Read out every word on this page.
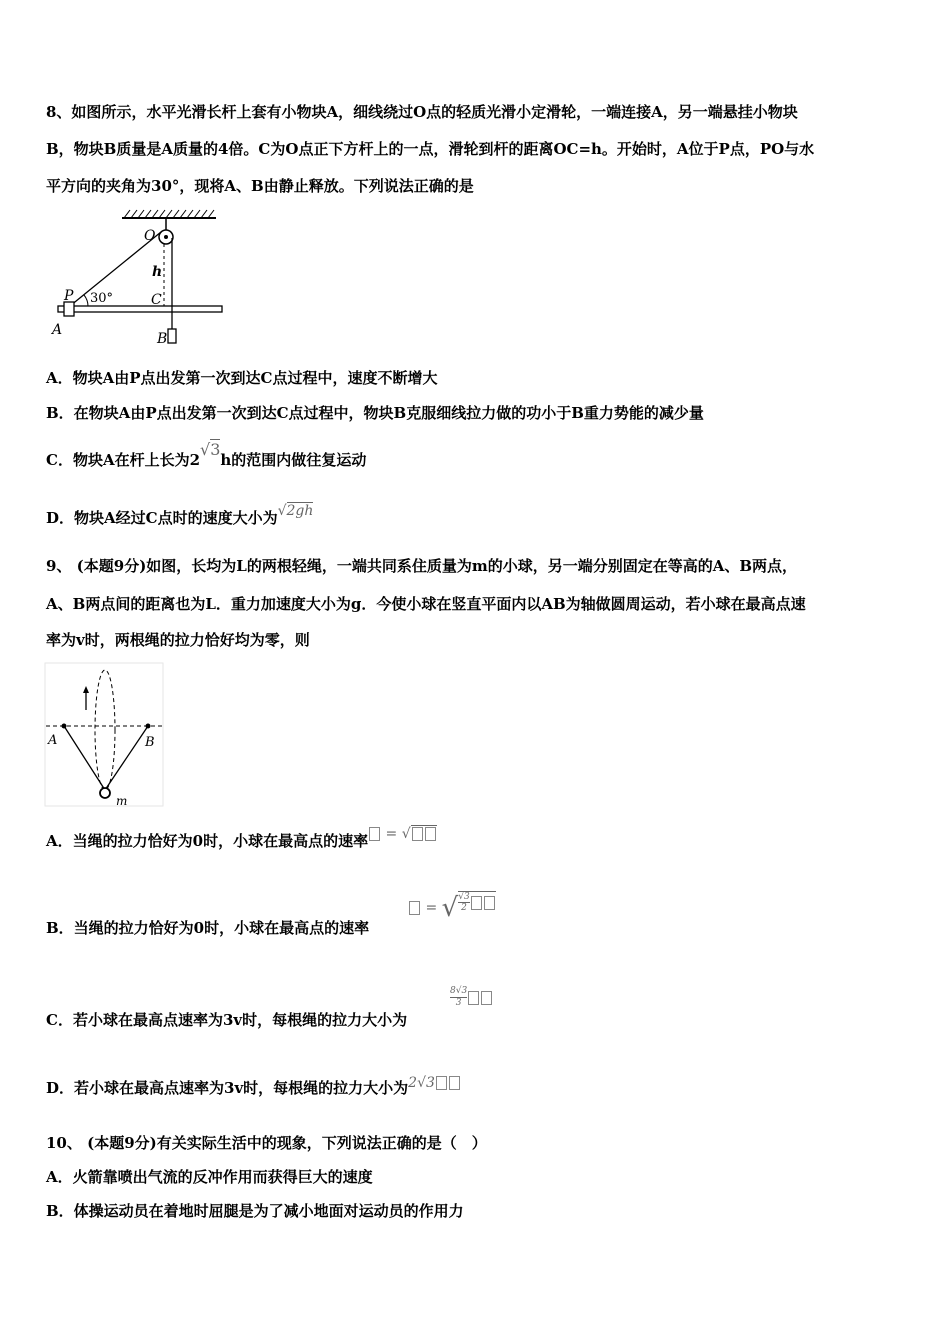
8、如图所示，水平光滑长杆上套有小物块A，细线绕过O点的轻质光滑小定滑轮，一端连接A，另一端悬挂小物块
B，物块B质量是A质量的4倍。C为O点正下方杆上的一点，滑轮到杆的距离OC=h。开始时，A位于P点，PO与水
平方向的夹角为30°，现将A、B由静止释放。下列说法正确的是
O
h
P 30°	C
A
B
A．物块A由P点出发第一次到达C点过程中，速度不断增大
B．在物块A由P点出发第一次到达C点过程中，物块B克服细线拉力做的功小于B重力势能的减少量
C．物块A在杆上长为2√3h的范围内做往复运动
D．物块A经过C点时的速度大小为√2gh
9、 (本题9分)如图，长均为L的两根轻绳，一端共同系住质量为m的小球，另一端分别固定在等高的A、B两点，
A、B两点间的距离也为L．重力加速度大小为g．今使小球在竖直平面内以AB为轴做圆周运动，若小球在最高点速
率为v时，两根绳的拉力恰好均为零，则
A	B
m
A．当绳的拉力恰好为0时，小球在最高点的速率 = √
B．当绳的拉力恰好为0时，小球在最高点的速率
= √ $\frac{√3}{2}$
C．若小球在最高点速率为3v时，每根绳的拉力大小为
$\frac{8√3}{3}$
D．若小球在最高点速率为3v时，每根绳的拉力大小为2√3
10、 (本题9分)有关实际生活中的现象，下列说法正确的是（　）
A．火箭靠喷出气流的反冲作用而获得巨大的速度
B．体操运动员在着地时屈腿是为了减小地面对运动员的作用力
